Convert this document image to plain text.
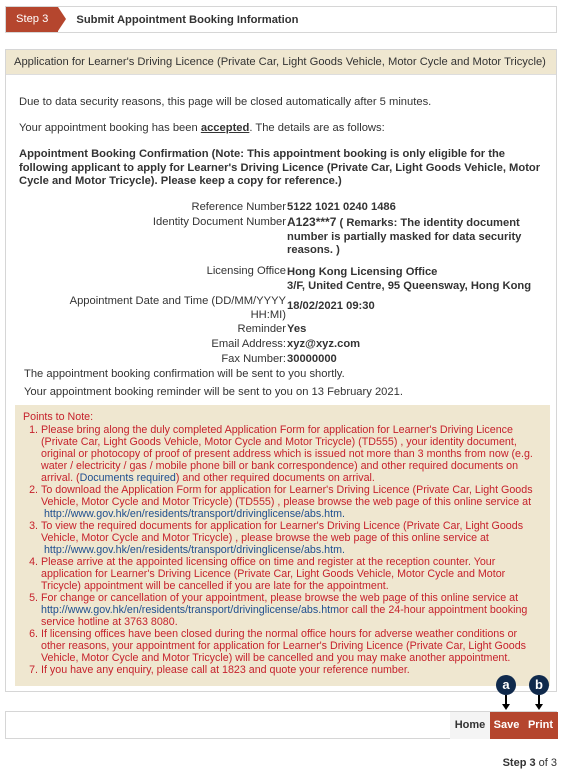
Step 3	Submit Appointment Booking Information
Application for Learner's Driving Licence (Private Car, Light Goods Vehicle, Motor Cycle and Motor Tricycle)
Due to data security reasons, this page will be closed automatically after 5 minutes.
Your appointment booking has been accepted. The details are as follows:
Appointment Booking Confirmation (Note: This appointment booking is only eligible for the following applicant to apply for Learner's Driving Licence (Private Car, Light Goods Vehicle, Motor Cycle and Motor Tricycle). Please keep a copy for reference.)
Reference Number 5122 1021 0240 1486
Identity Document Number A123***7 ( Remarks: The identity document
number is partially masked for data security
reasons. )
Licensing Office Hong Kong Licensing Office
3/F, United Centre, 95 Queensway, Hong Kong
Appointment Date and Time (DD/MM/YYYY
HH:MI)
18/02/2021 09:30
Reminder Yes
Email Address: xyz@xyz.com
Fax Number: 30000000
The appointment booking confirmation will be sent to you shortly.
Your appointment booking reminder will be sent to you on 13 February 2021.
Points to Note:
1. Please bring along the duly completed Application Form for application for Learner's Driving Licence (Private Car, Light Goods Vehicle, Motor Cycle and Motor Tricycle) (TD555) , your identity document, original or photocopy of proof of present address which is issued not more than 3 months from now (e.g. water / electricity / gas / mobile phone bill or bank correspondence) and other required documents on arrival. (Documents required) and other required documents on arrival.
2. To download the Application Form for application for Learner's Driving Licence (Private Car, Light Goods Vehicle, Motor Cycle and Motor Tricycle) (TD555) , please browse the web page of this online service at
http://www.gov.hk/en/residents/transport/drivinglicense/abs.htm.
3. To view the required documents for application for Learner's Driving Licence (Private Car, Light Goods Vehicle, Motor Cycle and Motor Tricycle) , please browse the web page of this online service at
http://www.gov.hk/en/residents/transport/drivinglicense/abs.htm.
4. Please arrive at the appointed licensing office on time and register at the reception counter. Your application for Learner's Driving Licence (Private Car, Light Goods Vehicle, Motor Cycle and Motor Tricycle) appointment will be cancelled if you are late for the appointment.
5. For change or cancellation of your appointment, please browse the web page of this online service at http://www.gov.hk/en/residents/transport/drivinglicense/abs.htmor call the 24-hour appointment booking service hotline at 3763 8080.
6. If licensing offices have been closed during the normal office hours for adverse weather conditions or other reasons, your appointment for application for Learner's Driving Licence (Private Car, Light Goods Vehicle, Motor Cycle and Motor Tricycle) will be cancelled and you may make another appointment.
7. If you have any enquiry, please call at 1823 and quote your reference number.
a	b
Home Save Print
Step 3 of 3
